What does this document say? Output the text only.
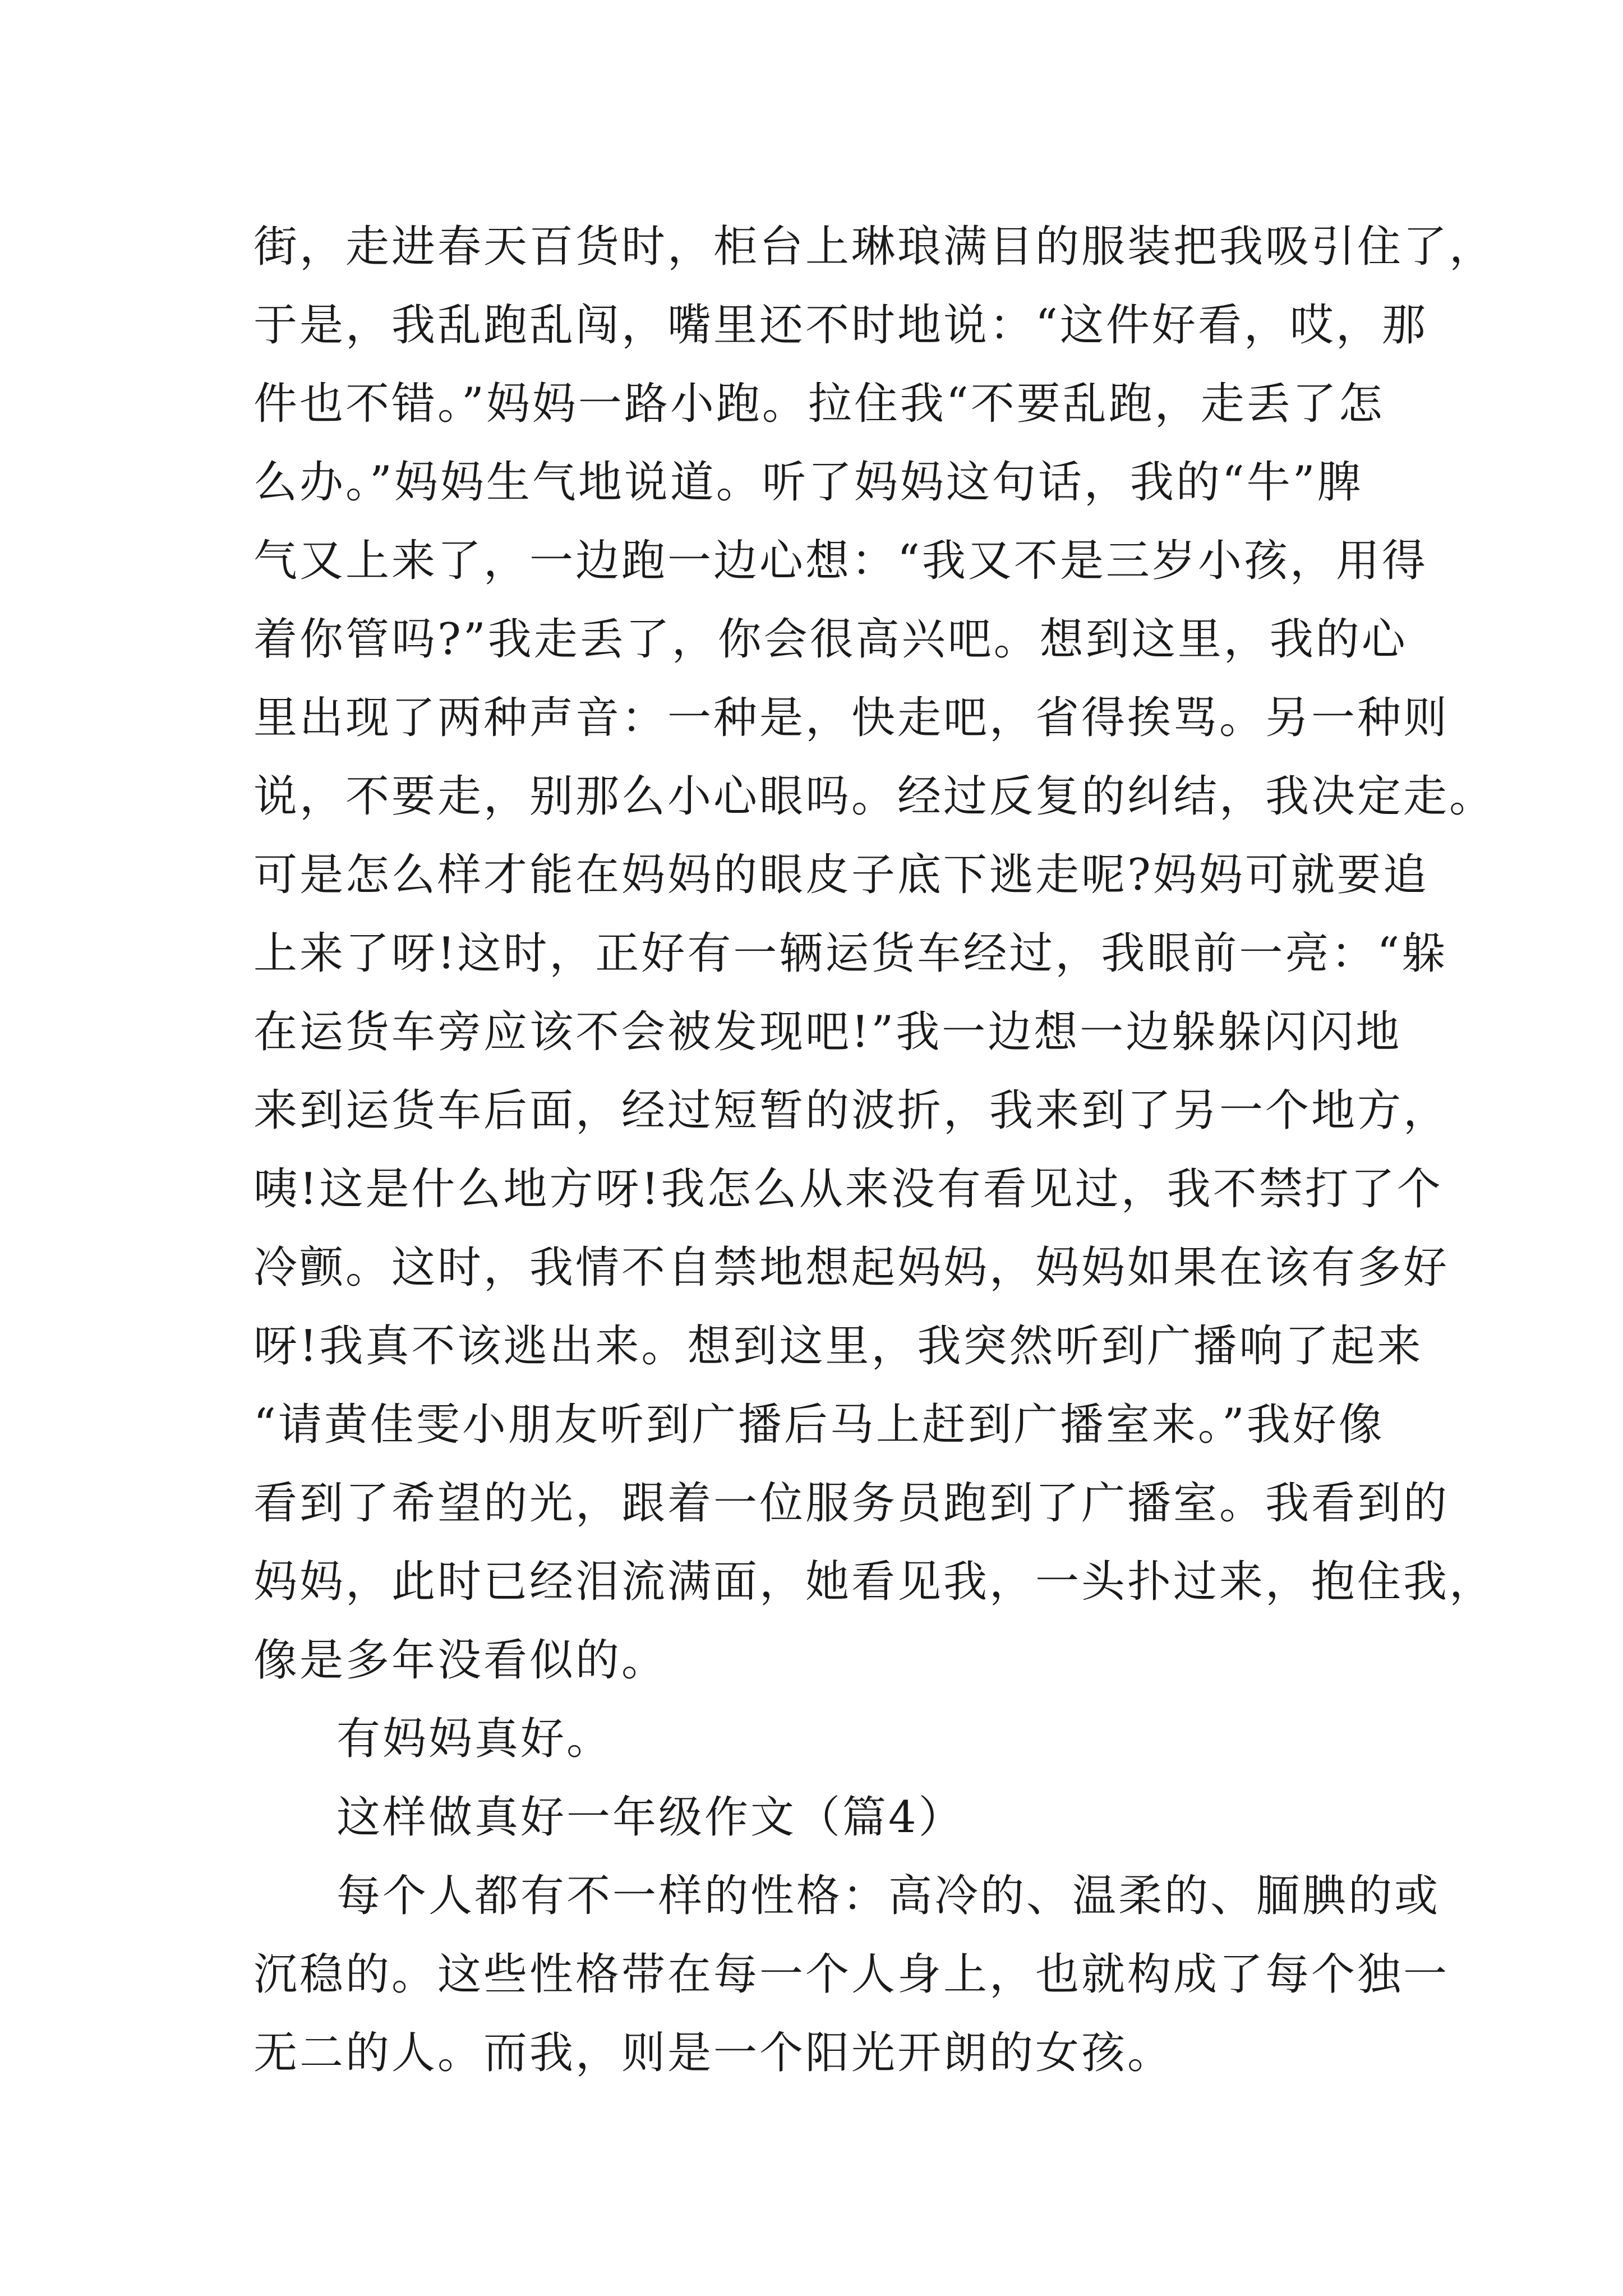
街，走进春天百货时，柜台上琳琅满目的服装把我吸引住了，
于是，我乱跑乱闯，嘴里还不时地说：“这件好看，哎，那
件也不错。”妈妈一路小跑。拉住我“不要乱跑，走丢了怎
么办。”妈妈生气地说道。听了妈妈这句话，我的“牛”脾
气又上来了，一边跑一边心想：“我又不是三岁小孩，用得
着你管吗?”我走丢了，你会很高兴吧。想到这里，我的心
里出现了两种声音：一种是，快走吧，省得挨骂。另一种则
说，不要走，别那么小心眼吗。经过反复的纠结，我决定走。
可是怎么样才能在妈妈的眼皮子底下逃走呢?妈妈可就要追
上来了呀!这时，正好有一辆运货车经过，我眼前一亮：“躲
在运货车旁应该不会被发现吧!”我一边想一边躲躲闪闪地
来到运货车后面，经过短暂的波折，我来到了另一个地方，
咦!这是什么地方呀!我怎么从来没有看见过，我不禁打了个
冷颤。这时，我情不自禁地想起妈妈，妈妈如果在该有多好
呀!我真不该逃出来。想到这里，我突然听到广播响了起来
“请黄佳雯小朋友听到广播后马上赶到广播室来。”我好像
看到了希望的光，跟着一位服务员跑到了广播室。我看到的
妈妈，此时已经泪流满面，她看见我，一头扑过来，抱住我，
像是多年没看似的。
有妈妈真好。
这样做真好一年级作文（篇4）
每个人都有不一样的性格：高冷的、温柔的、腼腆的或
沉稳的。这些性格带在每一个人身上，也就构成了每个独一
无二的人。而我，则是一个阳光开朗的女孩。
